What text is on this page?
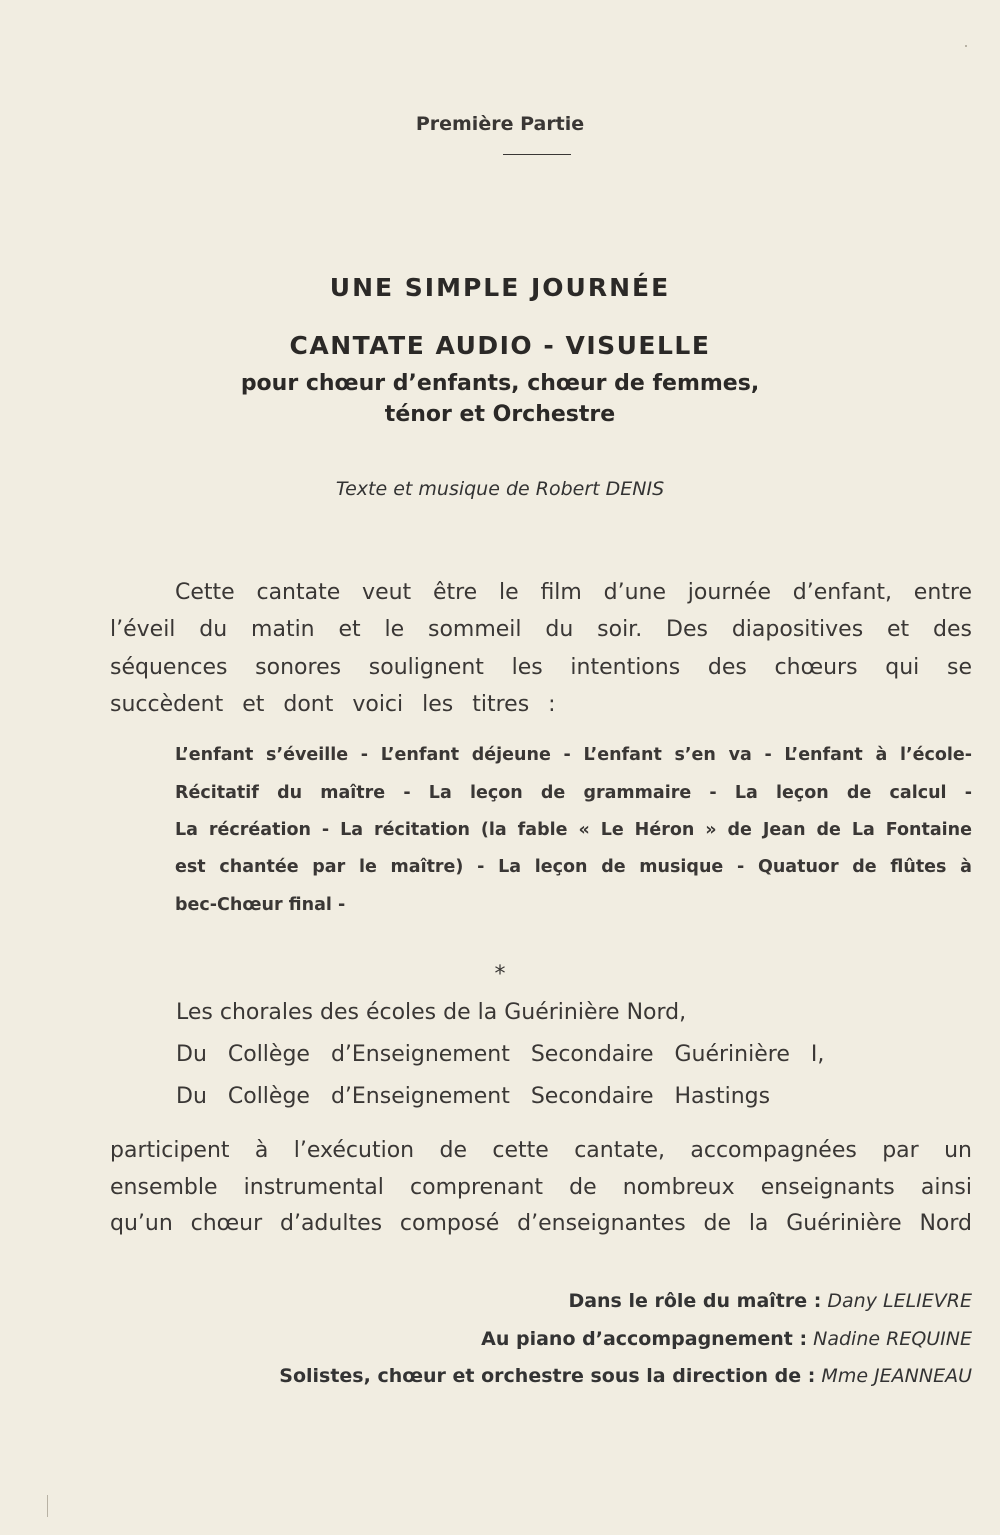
Première Partie
UNE SIMPLE JOURNÉE
CANTATE AUDIO - VISUELLE

pour chœur d’enfants, chœur de femmes,

ténor et Orchestre

Texte et musique de Robert DENIS

Cette cantate veut être le film d’une journée d’enfant, entre

l’éveil du matin et le sommeil du soir. Des diapositives et des

séquences sonores soulignent les intentions des chœurs qui se

succèdent et dont voici les titres :

L’enfant s’éveille - L’enfant déjeune - L’enfant s’en va - L’enfant à l’école-

Récitatif du maître - La leçon de grammaire - La leçon de calcul -

La récréation - La récitation (la fable « Le Héron » de Jean de La Fontaine

est chantée par le maître) - La leçon de musique - Quatuor de flûtes à

bec-Chœur final -

*

Les chorales des écoles de la Guérinière Nord,

Du Collège d’Enseignement Secondaire Guérinière I,

Du Collège d’Enseignement Secondaire Hastings

participent à l’exécution de cette cantate, accompagnées par un

ensemble instrumental comprenant de nombreux enseignants ainsi

qu’un chœur d’adultes composé d’enseignantes de la Guérinière Nord

Dans le rôle du maître : Dany LELIEVRE

Au piano d’accompagnement : Nadine REQUINE

Solistes, chœur et orchestre sous la direction de : Mme JEANNEAU
